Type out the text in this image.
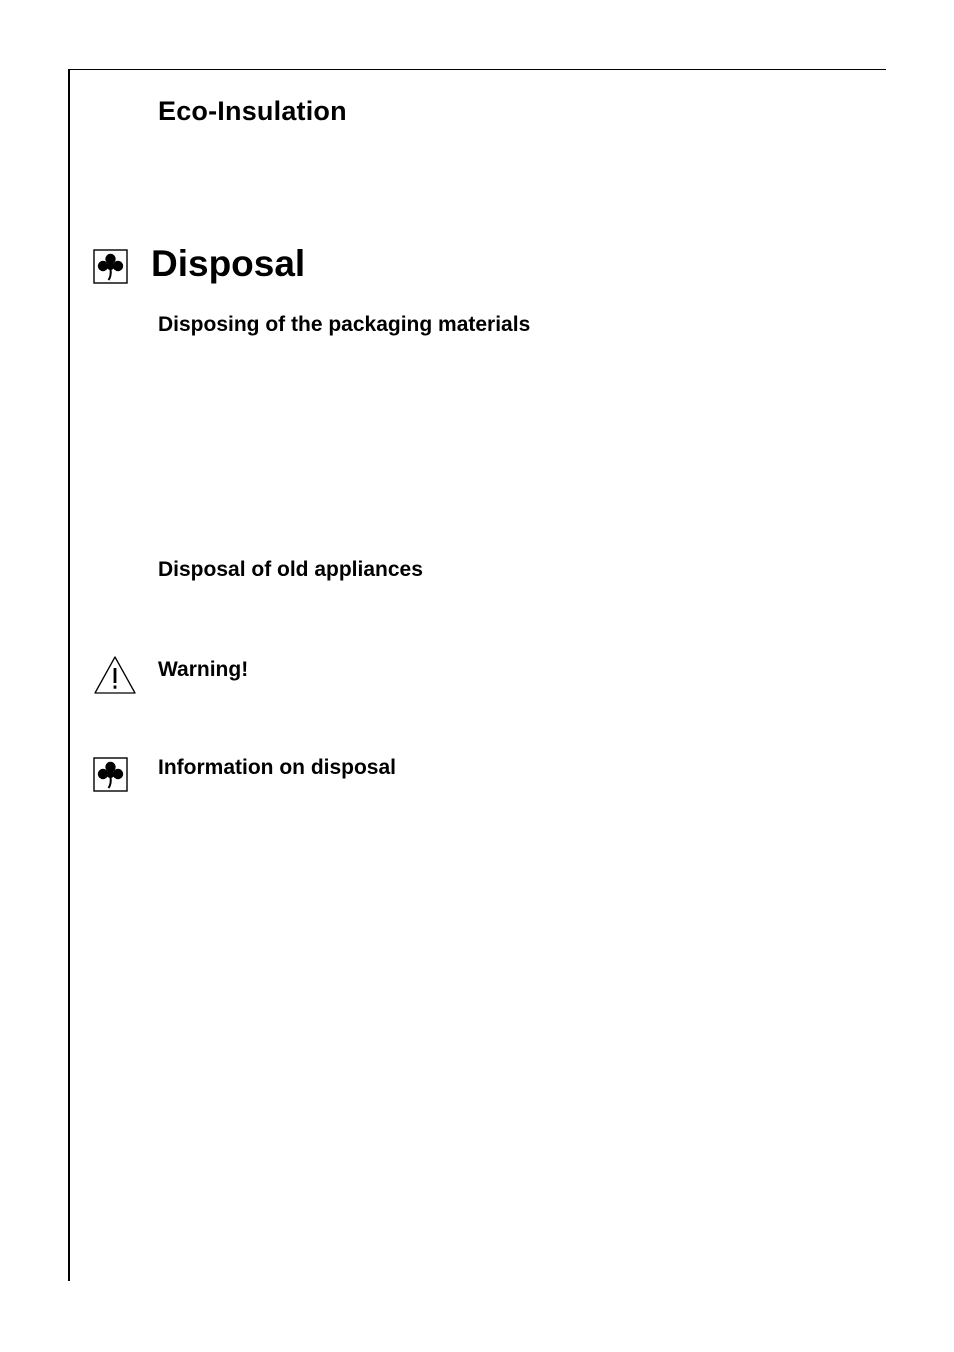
Eco-Insulation
Disposal
Disposing of the packaging materials
Disposal of old appliances
Warning!
Information on disposal
